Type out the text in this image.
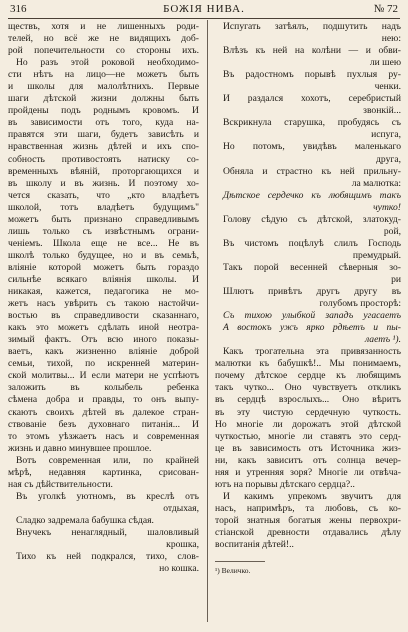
316	БОЖІЯ НИВА.	№ 72
ществъ, хотя и не лишенныхъ роди-
телей, но всё же не видящихъ доб-
рой попечительности со стороны ихъ.
Но разъ этой роковой необходимо-
сти нѣтъ на лицо—не можетъ быть
и школы для малолѣтнихъ. Первые
шаги дѣтской жизни должны быть
пройдены подъ роднымъ кровомъ. И
въ зависимости отъ того, куда на-
правятся эти шаги, будетъ зависѣть и
нравственная жизнь дѣтей и ихъ спо-
собность противостоять натиску со-
временныхъ вѣяній, проторгающихся и
въ школу и въ жизнь. И поэтому хо-
чется сказать, что „кто владѣетъ
школой, тотъ владѣетъ будущимъ"
можетъ быть признано справедливымъ
лишь только съ извѣстнымъ ограни-
ченіемъ. Школа еще не все... Не въ
школѣ только будущее, но и въ семьѣ,
вліяніе которой можетъ быть гораздо
сильнѣе всякаго вліянія школы. И
никакая, кажется, педагогика не мо-
жетъ насъ увѣрить съ такою настойчи-
востью въ справедливости сказаннаго,
какъ это можетъ сдѣлать иной неотра-
зимый фактъ. Отъ всю иного показы-
ваетъ, какъ жизненно вліяніе доброй
семьи, тихой, по искренней материн-
ской молитвы... И если матери не успѣютъ
заложить въ колыбель ребенка
сѣмена добра и правды, то онъ выпу-
скаютъ своихъ дѣтей въ далекое стран-
ствованіе безъ духовнаго питанія... И
то этомъ уѣзжаетъ насъ и современная
жизнь и давно минувшее прошлое.
Вотъ современная или, по крайней
мѣрѣ, недавняя картинка, срисован-
ная съ дѣйствительности.
Въ уголкѣ уютномъ, въ креслѣ отъ
отдыхая,
Сладко задремала бабушка сѣдая.
Внучекъ ненаглядный, шаловливый
крошка,
Тихо къ ней подкрался, тихо, слов-
но кошка.
Испугать затѣялъ, подшутить надъ
нею:
Влѣзъ къ ней на колѣни — и обви-
ли шею
Въ радостномъ порывѣ пухлыя ру-
ченки.
И раздался хохотъ, серебристый
звонкій...
Вскрикнула старушка, пробудясь съ
испуга,
Но потомъ, увидѣвъ маленькаго
друга,
Обняла и страстно къ ней прильну-
ла малютка:
Дѣтское сердечко къ любящимъ такъ
чутко!
Голову сѣдую съ дѣтской, златокуд-
рой,
Въ чистомъ поцѣлуѣ слилъ Господь
премудрый.
Такъ порой весенней сѣверныя зо-
ри
Шлютъ привѣтъ другъ другу въ
голубомъ просторѣ:
Съ тихою улыбкой западъ угасаетъ
А востокъ ужъ ярко рдѣетъ и пы-
лаетъ ¹).
Какъ трогательна эта привязанность
малютки къ бабушкѣ!.. Мы понимаемъ,
почему дѣтское сердце къ любящимъ
такъ чутко... Оно чувствуетъ откликъ
въ сердцѣ взрослыхъ... Оно вѣритъ
въ эту чистую сердечную чуткость.
Но многіе ли дорожатъ этой дѣтской
чуткостью, многіе ли ставятъ это серд-
це въ зависимость отъ Источника жиз-
ни, какъ зависитъ отъ солнца вечер-
няя и утренняя зоря? Многіе ли отвѣча-
ютъ на порывы дѣтскаго сердца?..
И какимъ упрекомъ звучитъ для
насъ, напримѣръ, та любовь, съ ко-
торой знатныя богатыя жены первохри-
стіанской древности отдавались дѣлу
воспитанія дѣтей!..
¹) Величко.
